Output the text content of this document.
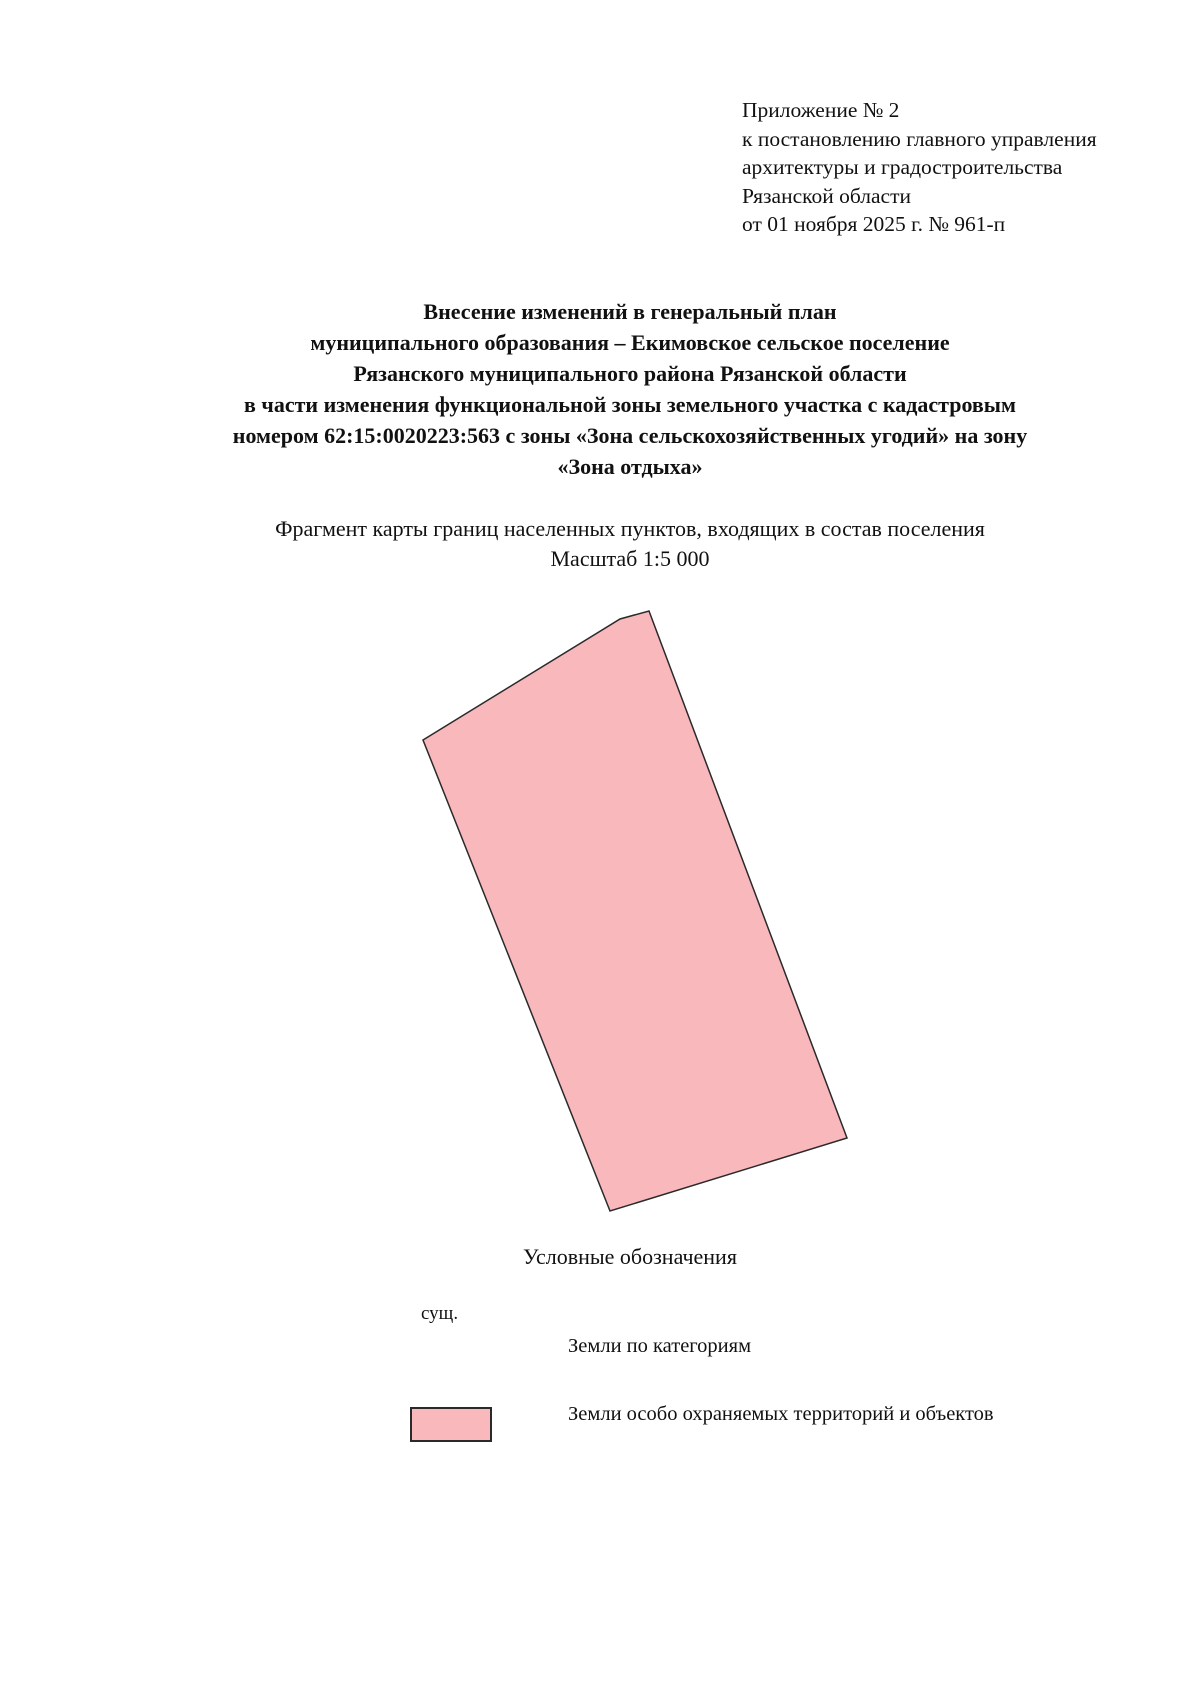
Приложение № 2
к постановлению главного управления
архитектуры и градостроительства
Рязанской области
от 01 ноября 2025 г. № 961-п
Внесение изменений в генеральный план
муниципального образования – Екимовское сельское поселение
Рязанского муниципального района Рязанской области
в части изменения функциональной зоны земельного участка с кадастровым
номером 62:15:0020223:563 с зоны «Зона сельскохозяйственных угодий» на зону
«Зона отдыха»
Фрагмент карты границ населенных пунктов, входящих в состав поселения
Масштаб 1:5 000
Условные обозначения
сущ.
Земли по категориям
Земли особо охраняемых территорий и объектов
